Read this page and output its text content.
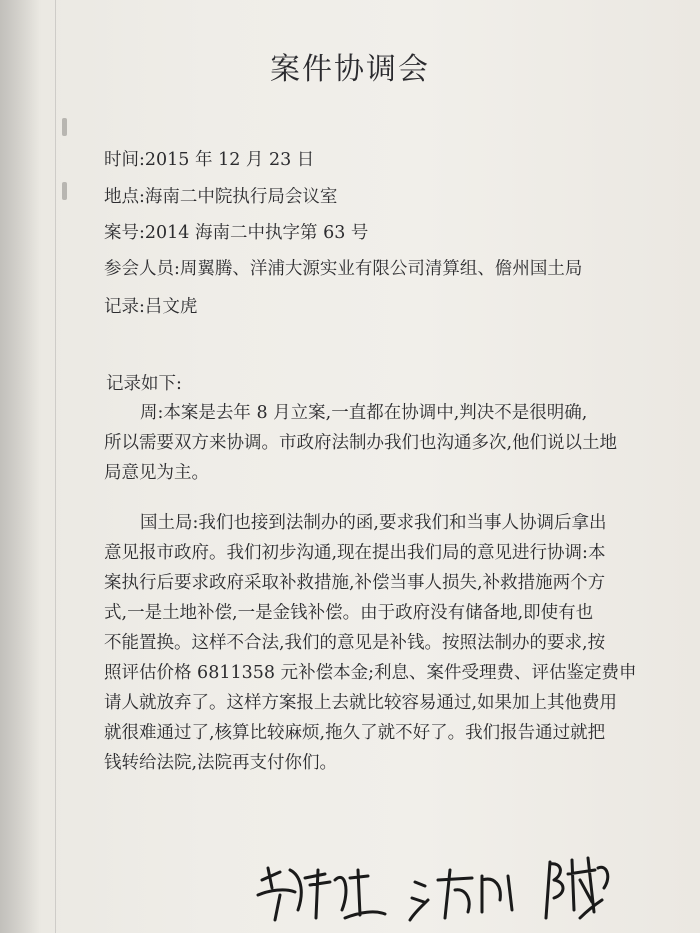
案件协调会
时间:2015 年 12 月 23 日
地点:海南二中院执行局会议室
案号:2014 海南二中执字第 63 号
参会人员:周翼腾、洋浦大源实业有限公司清算组、儋州国土局
记录:吕文虎
记录如下:
周:本案是去年 8 月立案,一直都在协调中,判决不是很明确,
所以需要双方来协调。市政府法制办我们也沟通多次,他们说以土地
局意见为主。
国土局:我们也接到法制办的函,要求我们和当事人协调后拿出
意见报市政府。我们初步沟通,现在提出我们局的意见进行协调:本
案执行后要求政府采取补救措施,补偿当事人损失,补救措施两个方
式,一是土地补偿,一是金钱补偿。由于政府没有储备地,即使有也
不能置换。这样不合法,我们的意见是补钱。按照法制办的要求,按
照评估价格 6811358 元补偿本金;利息、案件受理费、评估鉴定费申
请人就放弃了。这样方案报上去就比较容易通过,如果加上其他费用
就很难通过了,核算比较麻烦,拖久了就不好了。我们报告通过就把
钱转给法院,法院再支付你们。
